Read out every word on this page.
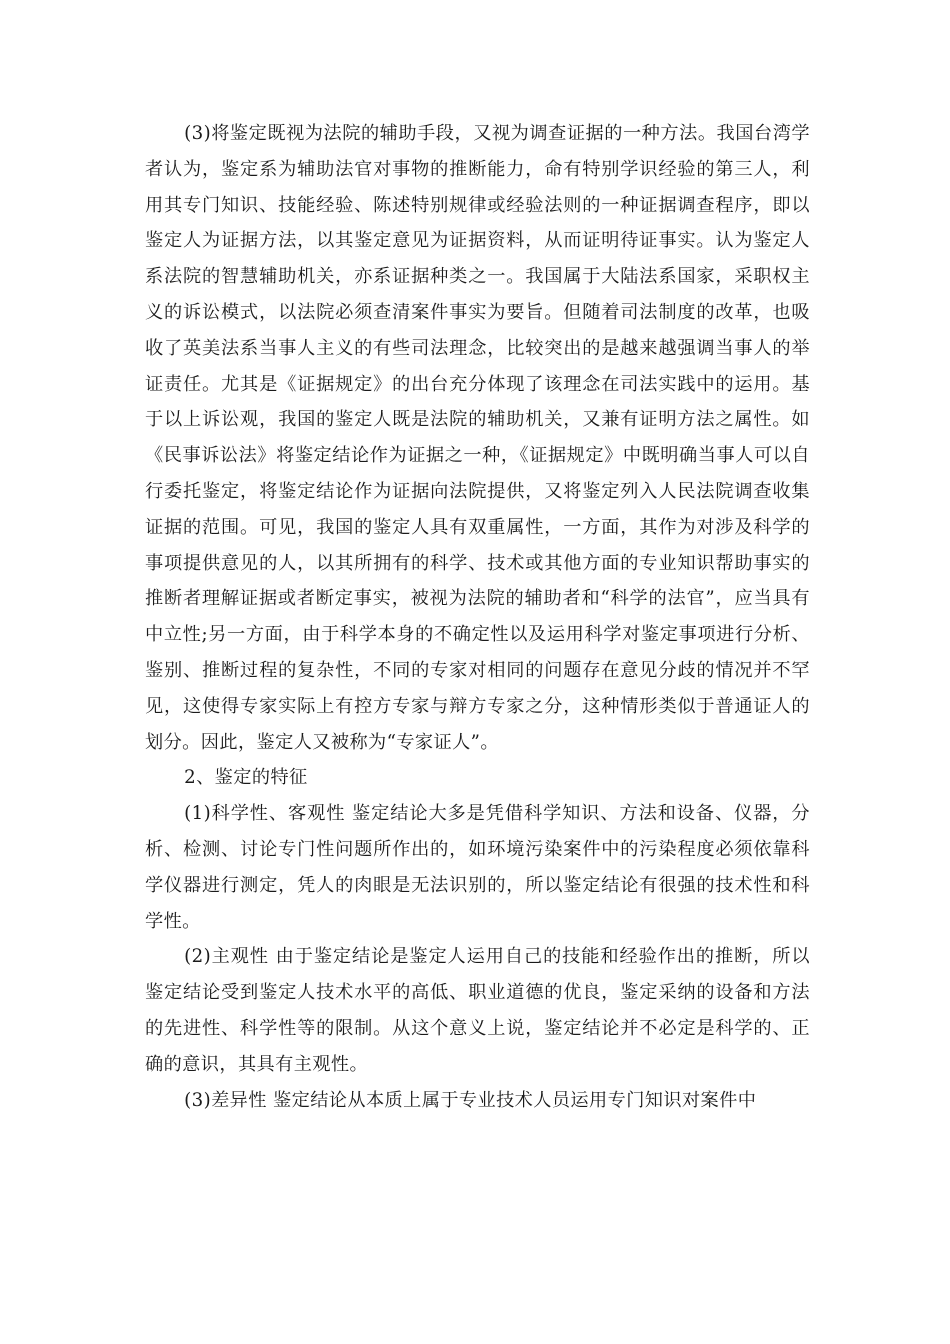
(3)将鉴定既视为法院的辅助手段，又视为调查证据的一种方法。我国台湾学者认为，鉴定系为辅助法官对事物的推断能力，命有特别学识经验的第三人，利用其专门知识、技能经验、陈述特别规律或经验法则的一种证据调查程序，即以鉴定人为证据方法，以其鉴定意见为证据资料，从而证明待证事实。认为鉴定人系法院的智慧辅助机关，亦系证据种类之一。我国属于大陆法系国家，采职权主义的诉讼模式，以法院必须查清案件事实为要旨。但随着司法制度的改革，也吸收了英美法系当事人主义的有些司法理念，比较突出的是越来越强调当事人的举证责任。尤其是《证据规定》的出台充分体现了该理念在司法实践中的运用。基于以上诉讼观，我国的鉴定人既是法院的辅助机关，又兼有证明方法之属性。如《民事诉讼法》将鉴定结论作为证据之一种，《证据规定》中既明确当事人可以自行委托鉴定，将鉴定结论作为证据向法院提供，又将鉴定列入人民法院调查收集证据的范围。可见，我国的鉴定人具有双重属性，一方面，其作为对涉及科学的事项提供意见的人，以其所拥有的科学、技术或其他方面的专业知识帮助事实的推断者理解证据或者断定事实，被视为法院的辅助者和“科学的法官”，应当具有中立性;另一方面，由于科学本身的不确定性以及运用科学对鉴定事项进行分析、鉴别、推断过程的复杂性，不同的专家对相同的问题存在意见分歧的情况并不罕见，这使得专家实际上有控方专家与辩方专家之分，这种情形类似于普通证人的划分。因此，鉴定人又被称为“专家证人”。

2、鉴定的特征

(1)科学性、客观性 鉴定结论大多是凭借科学知识、方法和设备、仪器，分析、检测、讨论专门性问题所作出的，如环境污染案件中的污染程度必须依靠科学仪器进行测定，凭人的肉眼是无法识别的，所以鉴定结论有很强的技术性和科学性。

(2)主观性 由于鉴定结论是鉴定人运用自己的技能和经验作出的推断，所以鉴定结论受到鉴定人技术水平的高低、职业道德的优良，鉴定采纳的设备和方法的先进性、科学性等的限制。从这个意义上说，鉴定结论并不必定是科学的、正确的意识，其具有主观性。

(3)差异性 鉴定结论从本质上属于专业技术人员运用专门知识对案件中
